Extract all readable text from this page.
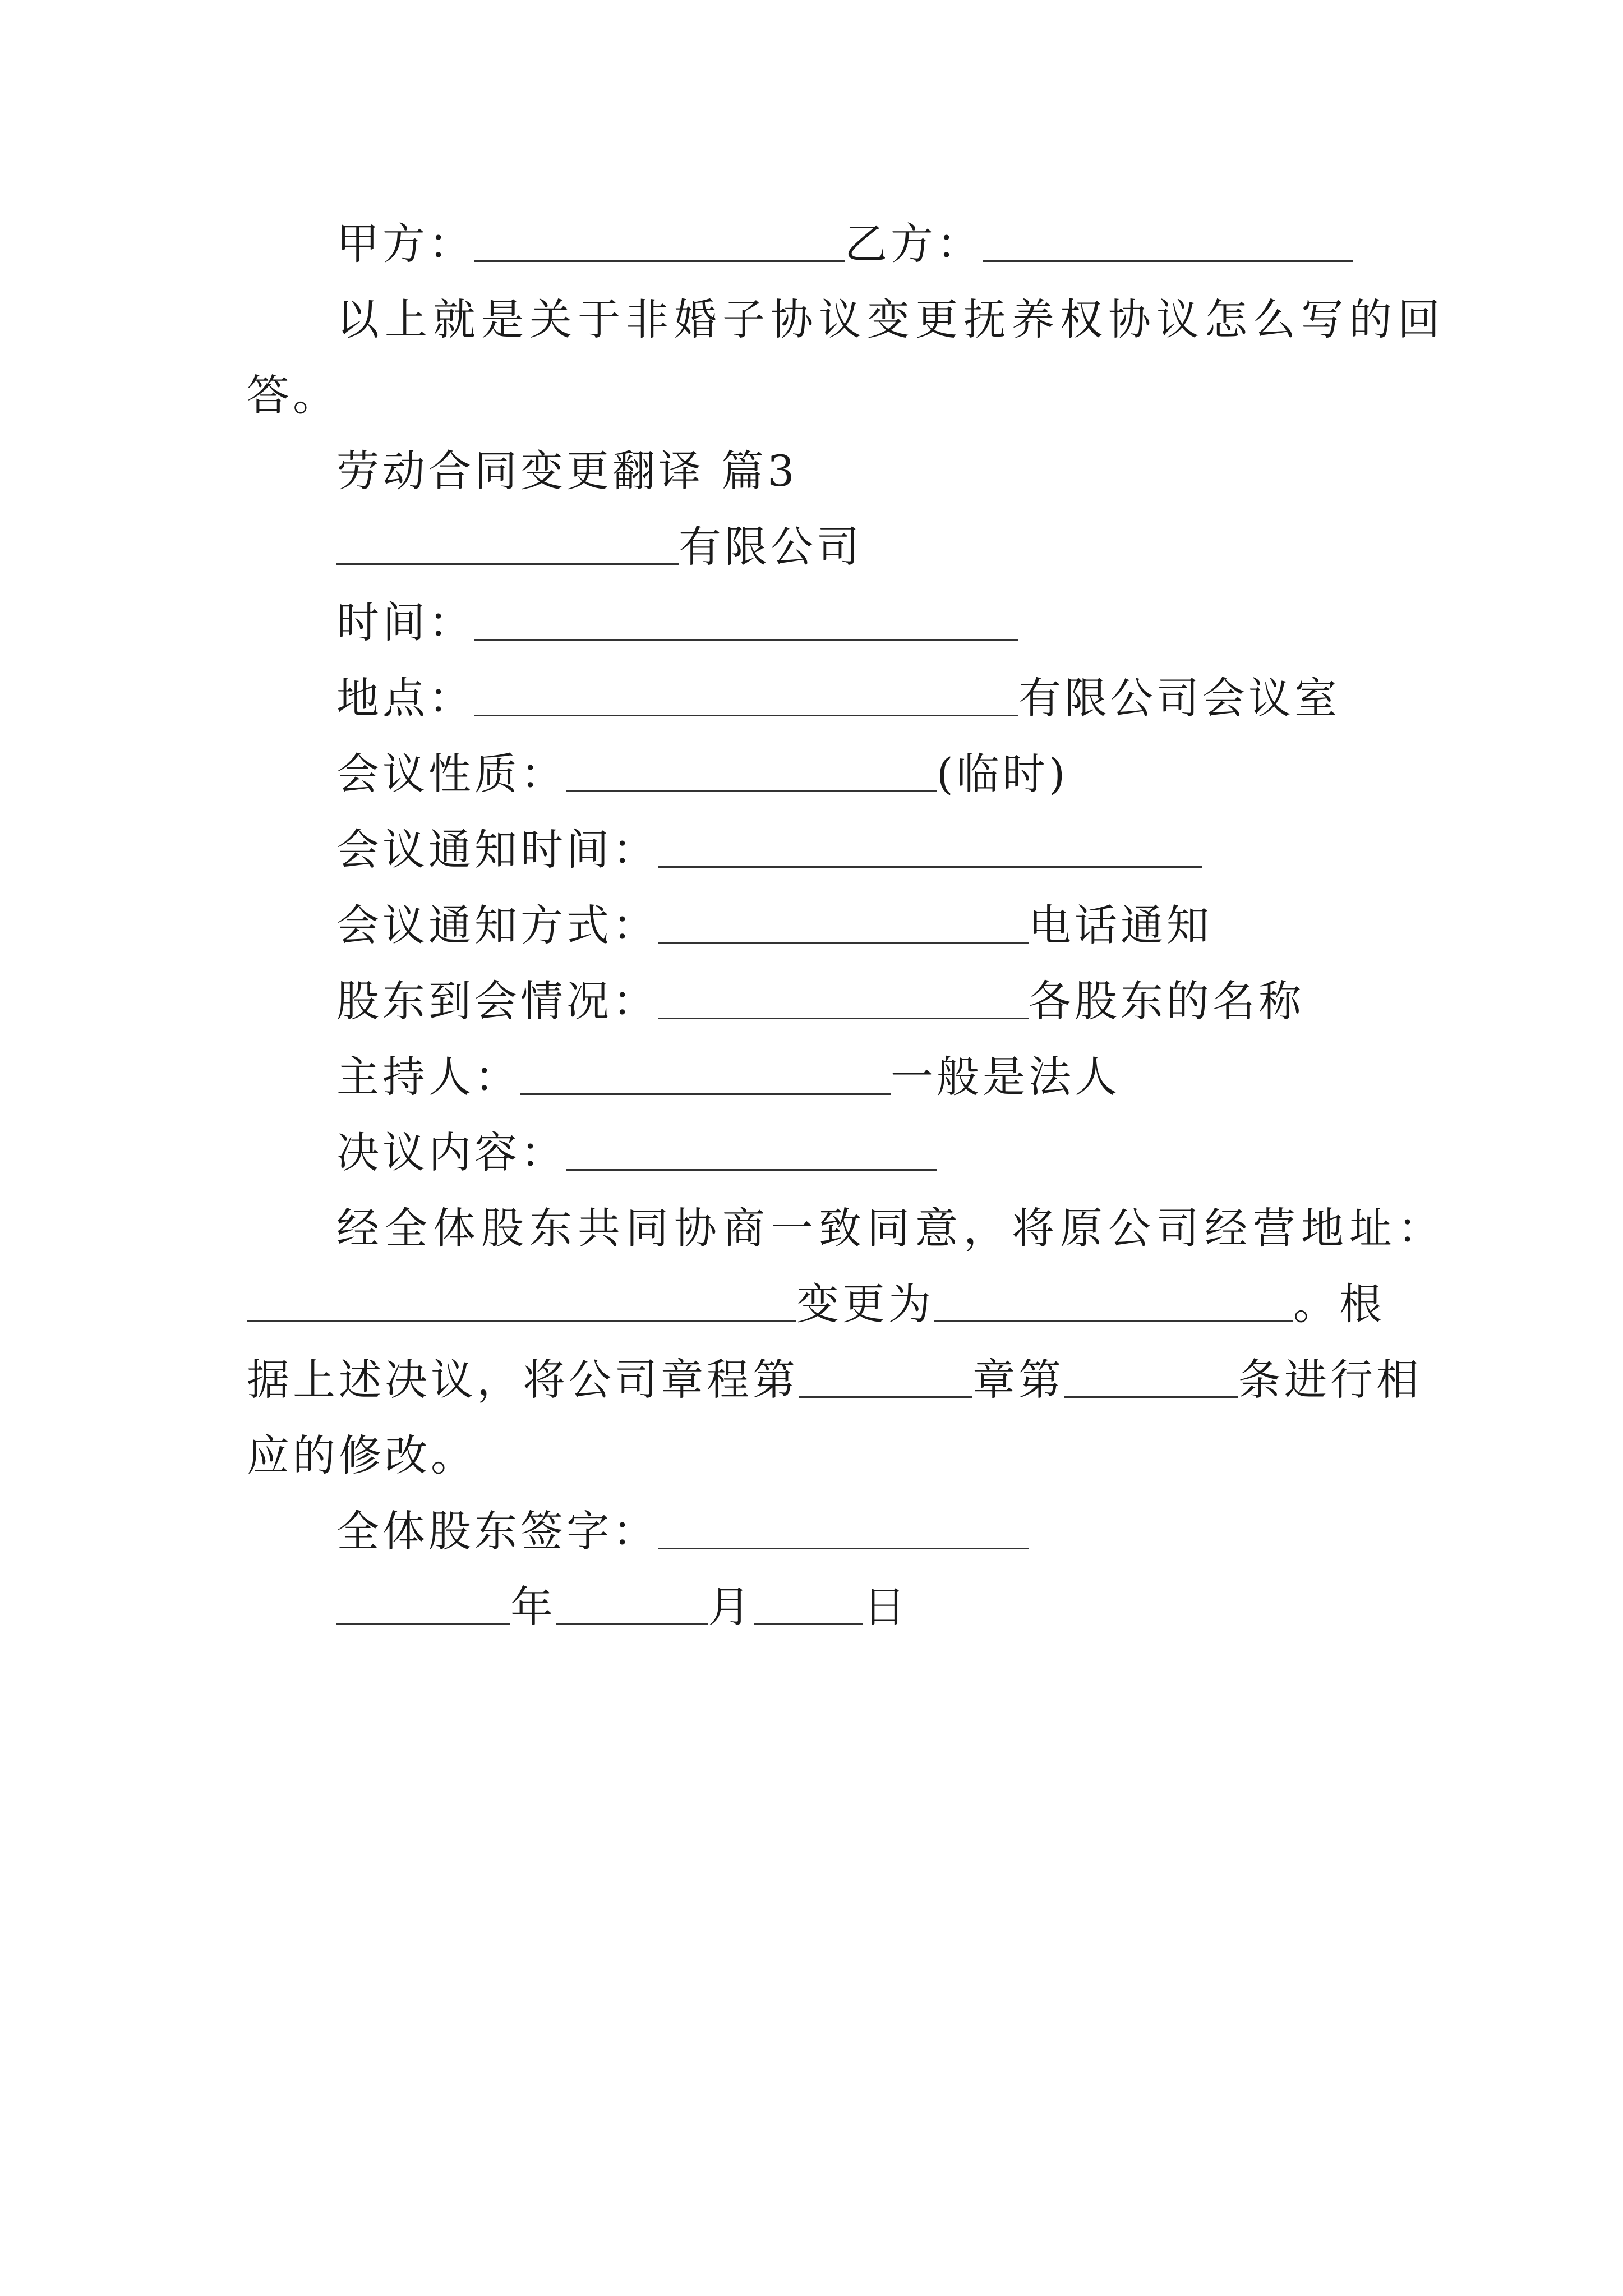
甲方：	乙方：
以上就是关于非婚子协议变更抚养权协议怎么写的回
答。
劳动合同变更翻译 篇3
有限公司
时间：
地点：	有限公司会议室
会议性质：	(临时)
会议通知时间：
会议通知方式：	电话通知
股东到会情况：	各股东的名称
主持人：	一般是法人
决议内容：
经全体股东共同协商一致同意，将原公司经营地址：
变更为	。根
据上述决议，将公司章程第	章第	条进行相
应的修改。
全体股东签字：
年	月	日
